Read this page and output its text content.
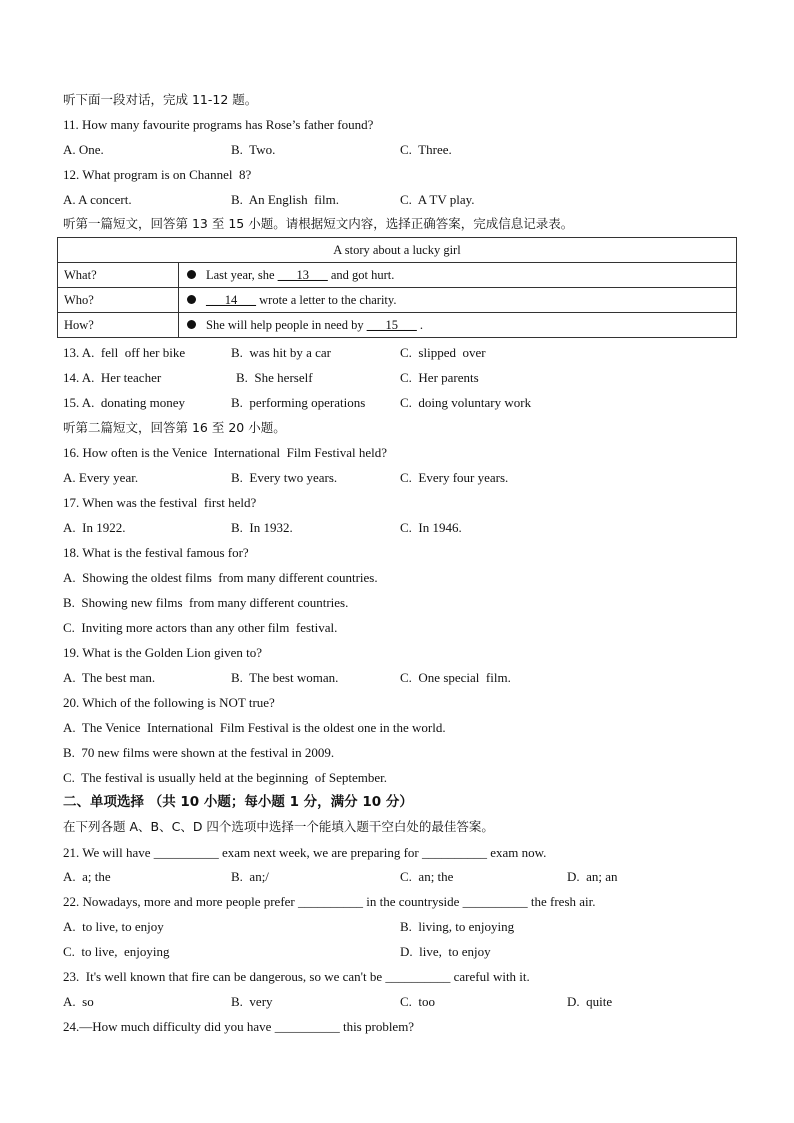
听下面一段对话，完成 11-12 题。
11. How many favourite programs has Rose’s father found?
A. One.	B.  Two.	C.  Three.
12. What program is on Channel  8?
A. A concert.	B.  An English  film.	C.  A TV play.
听第一篇短文，回答第 13 至 15 小题。请根据短文内容，选择正确答案，完成信息记录表。
A story about a lucky girl	
What?	Last year, she ___13___ and got hurt.
Who?	___14___ wrote a letter to the charity.
How?	She will help people in need by ___15___ .
13. A.  fell  off her bike	B.  was hit by a car	C.  slipped  over
14. A.  Her teacher	B.  She herself	C.  Her parents
15. A.  donating money	B.  performing operations	C.  doing voluntary work
听第二篇短文，回答第 16 至 20 小题。
16. How often is the Venice  International  Film Festival held?
A. Every year.	B.  Every two years.	C.  Every four years.
17. When was the festival  first held?
A.  In 1922.	B.  In 1932.	C.  In 1946.
18. What is the festival famous for?
A.  Showing the oldest films  from many different countries.
B.  Showing new films  from many different countries.
C.  Inviting more actors than any other film  festival.
19. What is the Golden Lion given to?
A.  The best man.	B.  The best woman.	C.  One special  film.
20. Which of the following is NOT true?
A.  The Venice  International  Film Festival is the oldest one in the world.
B.  70 new films were shown at the festival in 2009.
C.  The festival is usually held at the beginning  of September.
二、单项选择 （共 10 小题；每小题 1 分，满分 10 分）
在下列各题 A、B、C、D 四个选项中选择一个能填入题干空白处的最佳答案。
21. We will have __________ exam next week, we are preparing for __________ exam now.
A.  a; the	B.  an;/	C.  an; the	D.  an; an
22. Nowadays, more and more people prefer __________ in the countryside __________ the fresh air.
A.  to live, to enjoy	B.  living, to enjoying
C.  to live,  enjoying	D.  live,  to enjoy
23.  It's well known that fire can be dangerous, so we can't be __________ careful with it.
A.  so	B.  very	C.  too	D.  quite
24.—How much difficulty did you have __________ this problem?
